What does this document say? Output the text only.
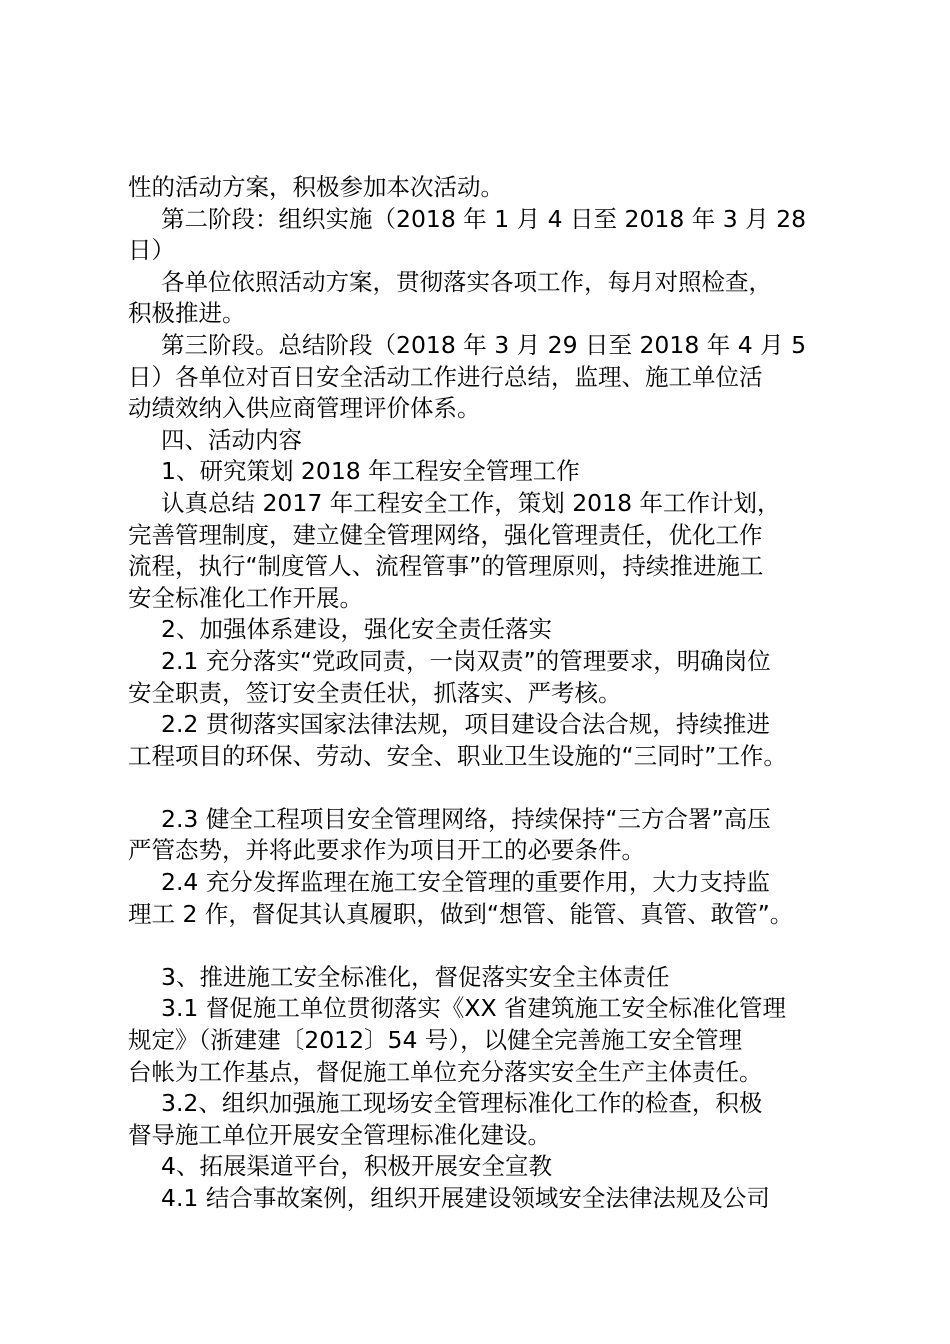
性的活动方案，积极参加本次活动。
第二阶段：组织实施（2018 年 1 月 4 日至 2018 年 3 月 28
日）
各单位依照活动方案，贯彻落实各项工作，每月对照检查，
积极推进。
第三阶段。总结阶段（2018 年 3 月 29 日至 2018 年 4 月 5
日）各单位对百日安全活动工作进行总结，监理、施工单位活
动绩效纳入供应商管理评价体系。
四、活动内容
1、研究策划 2018 年工程安全管理工作
认真总结 2017 年工程安全工作，策划 2018 年工作计划，
完善管理制度，建立健全管理网络，强化管理责任，优化工作
流程，执行“制度管人、流程管事”的管理原则，持续推进施工
安全标准化工作开展。
2、加强体系建设，强化安全责任落实
2.1 充分落实“党政同责，一岗双责”的管理要求，明确岗位
安全职责，签订安全责任状，抓落实、严考核。
2.2 贯彻落实国家法律法规，项目建设合法合规，持续推进
工程项目的环保、劳动、安全、职业卫生设施的“三同时”工作。
2.3 健全工程项目安全管理网络，持续保持“三方合署”高压
严管态势，并将此要求作为项目开工的必要条件。
2.4 充分发挥监理在施工安全管理的重要作用，大力支持监
理工 2 作，督促其认真履职，做到“想管、能管、真管、敢管”。
3、推进施工安全标准化，督促落实安全主体责任
3.1 督促施工单位贯彻落实《XX 省建筑施工安全标准化管理
规定》（浙建建〔2012〕54 号），以健全完善施工安全管理
台帐为工作基点，督促施工单位充分落实安全生产主体责任。
3.2、组织加强施工现场安全管理标准化工作的检查，积极
督导施工单位开展安全管理标准化建设。
4、拓展渠道平台，积极开展安全宣教
4.1 结合事故案例，组织开展建设领域安全法律法规及公司
